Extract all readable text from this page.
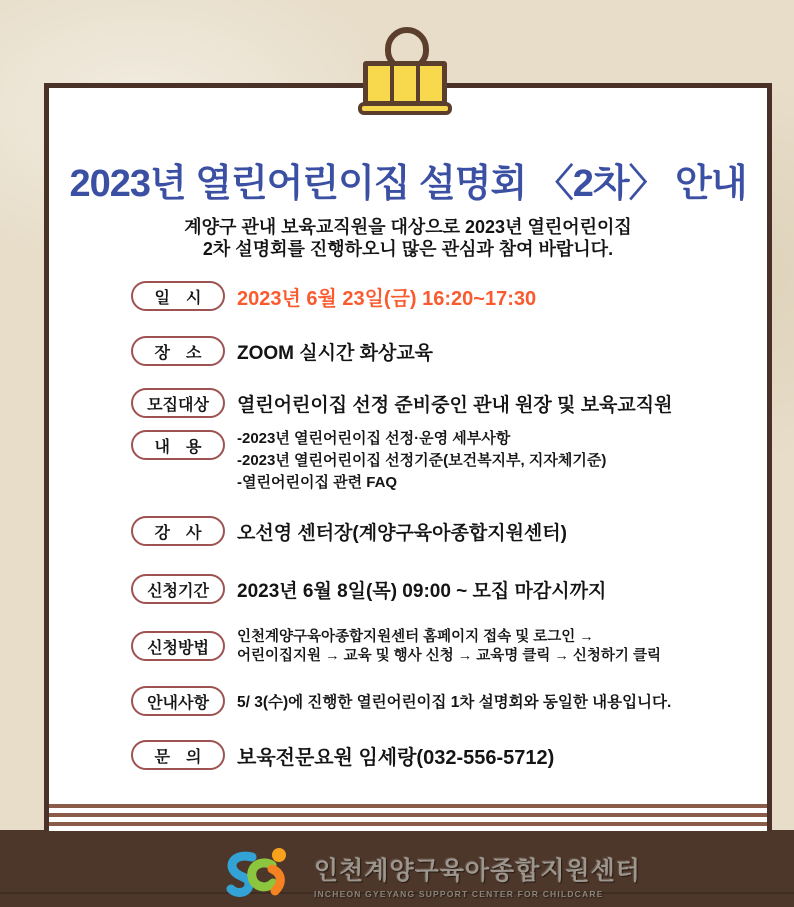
2023년 열린어린이집 설명회 〈2차〉 안내
계양구 관내 보육교직원을 대상으로 2023년 열린어린이집
2차 설명회를 진행하오니 많은 관심과 참여 바랍니다.
일　시	2023년 6월 23일(금) 16:20~17:30
장　소	ZOOM 실시간 화상교육
모집대상	열린어린이집 선정 준비중인 관내 원장 및 보육교직원
내　용	-2023년 열린어린이집 선정·운영 세부사항
-2023년 열린어린이집 선정기준(보건복지부, 지자체기준)
-열린어린이집 관련 FAQ
강　사	오선영 센터장(계양구육아종합지원센터)
신청기간	2023년 6월 8일(목) 09:00 ~ 모집 마감시까지
신청방법
인천계양구육아종합지원센터 홈페이지 접속 및 로그인 →
어린이집지원 → 교육 및 행사 신청 → 교육명 클릭 → 신청하기 클릭
안내사항	5/ 3(수)에 진행한 열린어린이집 1차 설명회와 동일한 내용입니다.
문　의	보육전문요원 임세랑(032-556-5712)
인천계양구육아종합지원센터
INCHEON GYEYANG SUPPORT CENTER FOR CHILDCARE
